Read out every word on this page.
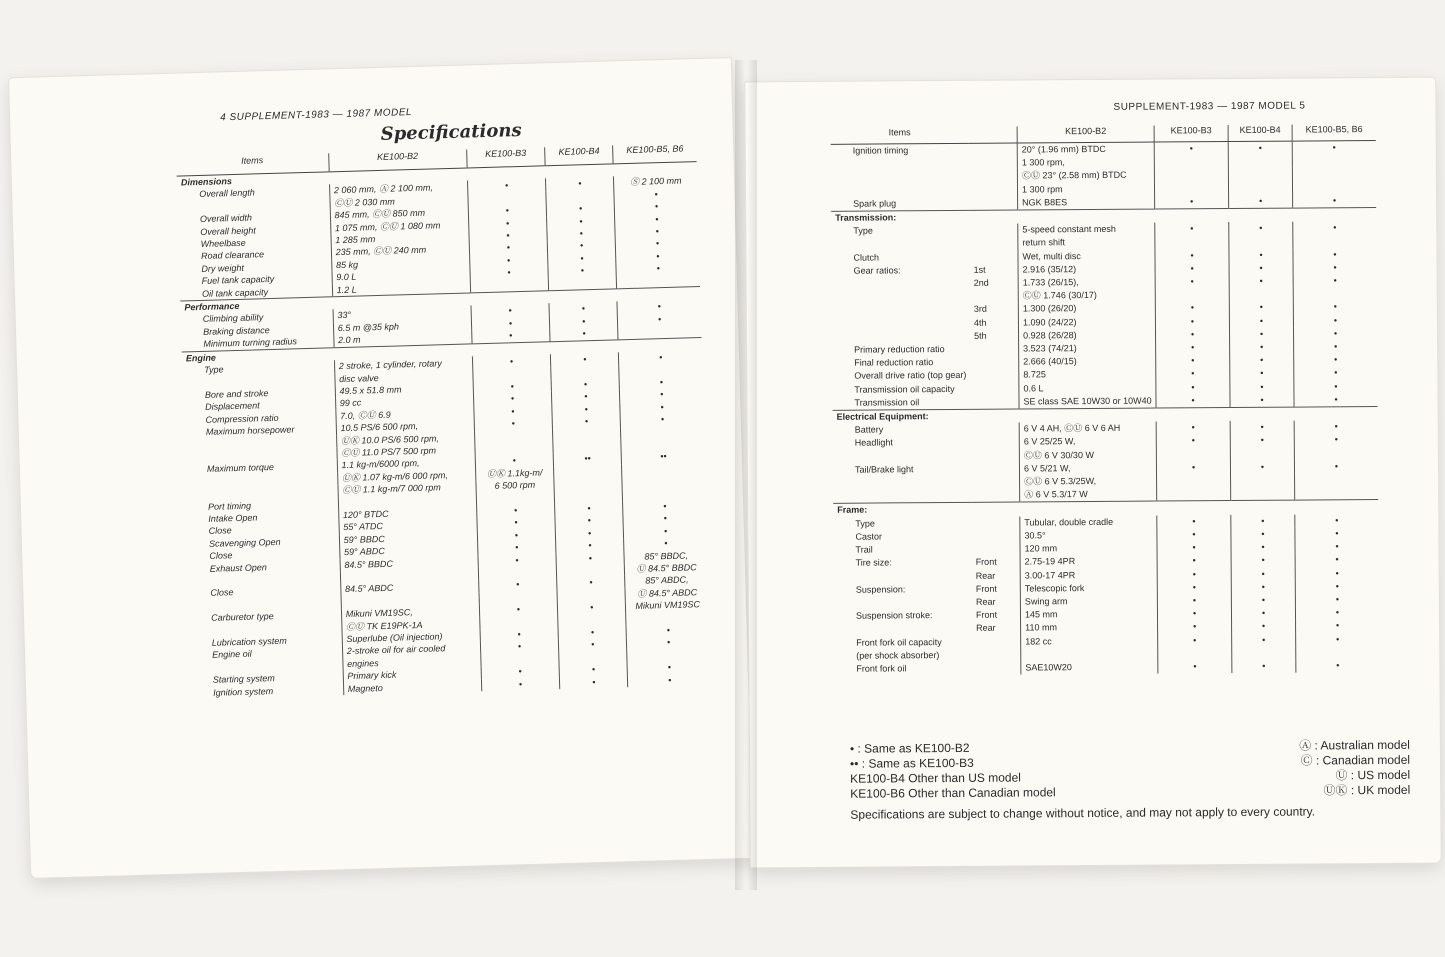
4 SUPPLEMENT-1983 — 1987 MODEL
Specifications
Items	KE100-B2	KE100-B3	KE100-B4	KE100-B5, B6
Dimensions				
Overall length	2 060 mm, Ⓐ 2 100 mm,	•	•	Ⓢ 2 100 mm
	ⒸⓊ 2 030 mm			•
Overall width	845 mm, ⒸⓊ 850 mm	•	•	•
Overall height	1 075 mm, ⒸⓊ 1 080 mm	•	•	•
Wheelbase	1 285 mm	•	•	•
Road clearance	235 mm, ⒸⓊ 240 mm	•	•	•
Dry weight	85 kg	•	•	•
Fuel tank capacity	9.0 L	•	•	•
Oil tank capacity	1.2 L			
Performance				
Climbing ability	33°	•	•	•
Braking distance	6.5 m @35 kph	•	•	•
Minimum turning radius	2.0 m	•	•	
Engine				
Type	2 stroke, 1 cylinder, rotary	•	•	•
	disc valve			
Bore and stroke	49.5 x 51.8 mm	•	•	•
Displacement	99 cc	•	•	•
Compression ratio	7.0, ⒸⓊ 6.9	•	•	•
Maximum horsepower	10.5 PS/6 500 rpm,	•	•	•
	ⓊⓀ 10.0 PS/6 500 rpm,			
	ⒸⓊ 11.0 PS/7 500 rpm			
Maximum torque	1.1 kg-m/6000 rpm,	•	••	••
	ⓊⓀ 1.07 kg-m/6 000 rpm,	ⓊⓀ 1.1kg-m/		
	ⒸⓊ 1.1 kg-m/7 000 rpm	6 500 rpm		
Port timing				
Intake Open	120° BTDC	•	•	•
Close	55° ATDC	•	•	•
Scavenging Open	59° BBDC	•	•	•
Close	59° ABDC	•	•	•
Exhaust Open	84.5° BBDC	•	•	85° BBDC,
				Ⓤ 84.5° BBDC
Close	84.5° ABDC	•	•	85° ABDC,
				Ⓤ 84.5° ABDC
Carburetor type	Mikuni VM19SC,	•	•	Mikuni VM19SC
	ⒸⓊ TK E19PK-1A			
Lubrication system	Superlube (Oil injection)	•	•	•
Engine oil	2-stroke oil for air cooled	•	•	•
	engines			
Starting system	Primary kick	•	•	•
Ignition system	Magneto	•	•	•
SUPPLEMENT-1983 — 1987 MODEL 5
Items		KE100-B2	KE100-B3	KE100-B4	KE100-B5, B6
Ignition timing		20° (1.96 mm) BTDC	•	•	•
		1 300 rpm,			
		ⒸⓊ 23° (2.58 mm) BTDC			
		1 300 rpm			
Spark plug		NGK B8ES	•	•	•
Transmission:					
Type		5-speed constant mesh	•	•	•
		return shift			
Clutch		Wet, multi disc	•	•	•
Gear ratios:	1st	2.916 (35/12)	•	•	•
	2nd	1.733 (26/15),	•	•	•
		ⒸⓊ 1.746 (30/17)			
	3rd	1.300 (26/20)	•	•	•
	4th	1.090 (24/22)	•	•	•
	5th	0.928 (26/28)	•	•	•
Primary reduction ratio		3.523 (74/21)	•	•	•
Final reduction ratio		2.666 (40/15)	•	•	•
Overall drive ratio (top gear)		8.725	•	•	•
Transmission oil capacity		0.6 L	•	•	•
Transmission oil		SE class SAE 10W30 or 10W40	•	•	•
Electrical Equipment:					
Battery		6 V 4 AH, ⒸⓊ 6 V 6 AH	•	•	•
Headlight		6 V 25/25 W,	•	•	•
		ⒸⓊ 6 V 30/30 W			
Tail/Brake light		6 V 5/21 W,	•	•	•
		ⒸⓊ 6 V 5.3/25W,			
		Ⓐ 6 V 5.3/17 W			
Frame:					
Type		Tubular, double cradle	•	•	•
Castor		30.5°	•	•	•
Trail		120 mm	•	•	•
Tire size:	Front	2.75-19 4PR	•	•	•
	Rear	3.00-17 4PR	•	•	•
Suspension:	Front	Telescopic fork	•	•	•
	Rear	Swing arm	•	•	•
Suspension stroke:	Front	145 mm	•	•	•
	Rear	110 mm	•	•	•
Front fork oil capacity		182 cc	•	•	•
(per shock absorber)					
Front fork oil		SAE10W20	•	•	•
• : Same as KE100-B2	Ⓐ : Australian model
•• : Same as KE100-B3	Ⓒ : Canadian model
KE100-B4 Other than US model	Ⓤ : US model
KE100-B6 Other than Canadian model	ⓊⓀ : UK model
Specifications are subject to change without notice, and may not apply to every country.
